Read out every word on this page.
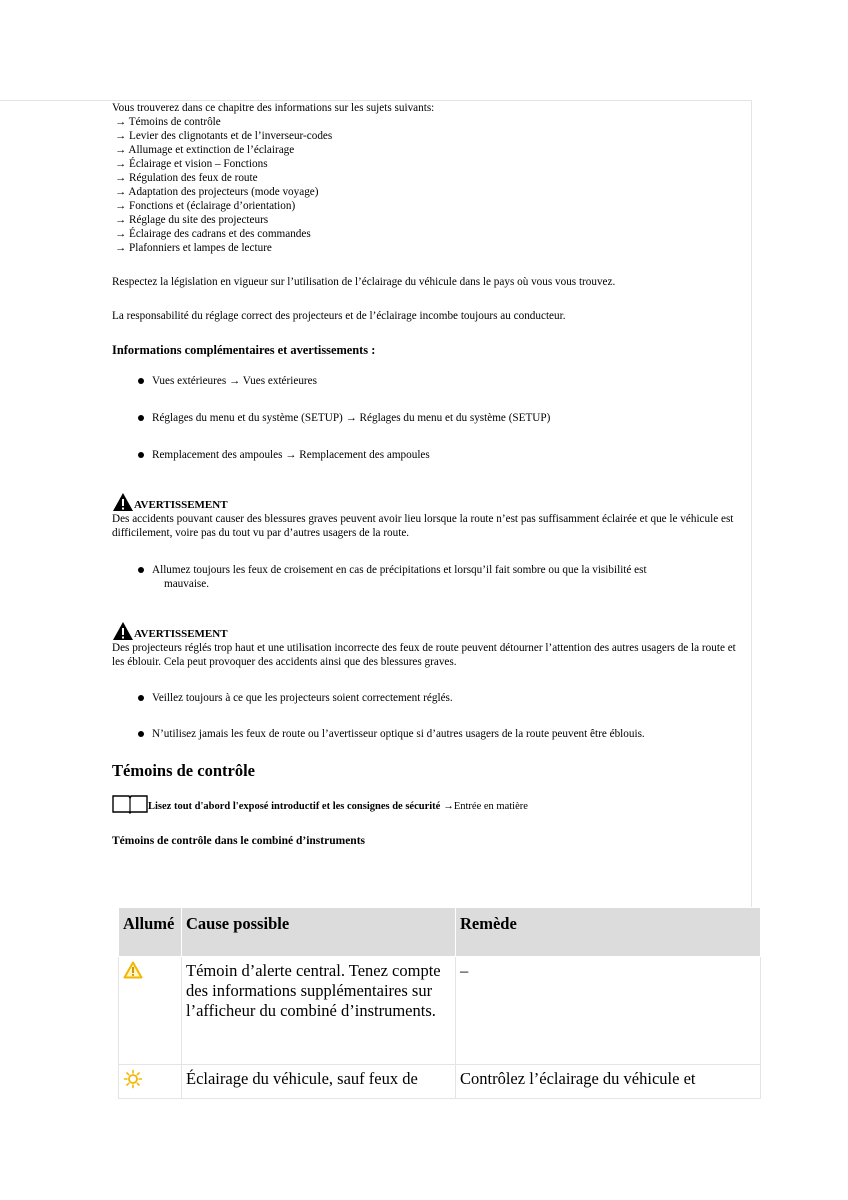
Vous trouverez dans ce chapitre des informations sur les sujets suivants:

→ Témoins de contrôle
→ Levier des clignotants et de l’inverseur-codes
→ Allumage et extinction de l’éclairage
→ Éclairage et vision – Fonctions
→ Régulation des feux de route
→ Adaptation des projecteurs (mode voyage)
→ Fonctions et (éclairage d’orientation)
→ Réglage du site des projecteurs
→ Éclairage des cadrans et des commandes
→ Plafonniers et lampes de lecture

Respectez la législation en vigueur sur l’utilisation de l’éclairage du véhicule dans le pays où vous vous trouvez.

La responsabilité du réglage correct des projecteurs et de l’éclairage incombe toujours au conducteur.

Informations complémentaires et avertissements :
Vues extérieures → Vues extérieures
Réglages du menu et du système (SETUP) → Réglages du menu et du système (SETUP)
Remplacement des ampoules → Remplacement des ampoules
AVERTISSEMENT

Des accidents pouvant causer des blessures graves peuvent avoir lieu lorsque la route n’est pas suffisamment éclairée et que le véhicule est difficilement, voire pas du tout vu par d’autres usagers de la route.

Allumez toujours les feux de croisement en cas de précipitations et lorsqu’il fait sombre ou que la visibilité est
mauvaise.
AVERTISSEMENT

Des projecteurs réglés trop haut et une utilisation incorrecte des feux de route peuvent détourner l’attention des autres usagers de la route et les éblouir. Cela peut provoquer des accidents ainsi que des blessures graves.

Veillez toujours à ce que les projecteurs soient correctement réglés.
N’utilisez jamais les feux de route ou l’avertisseur optique si d’autres usagers de la route peuvent être éblouis.
Témoins de contrôle
Lisez tout d'abord l'exposé introductif et les consignes de sécurité →Entrée en matière
Témoins de contrôle dans le combiné d’instruments
Allumé	Cause possible	Remède
	Témoin d’alerte central. Tenez compte des informations supplémentaires sur l’afficheur du combiné d’instruments.	–
	Éclairage du véhicule, sauf feux de	Contrôlez l’éclairage du véhicule et
